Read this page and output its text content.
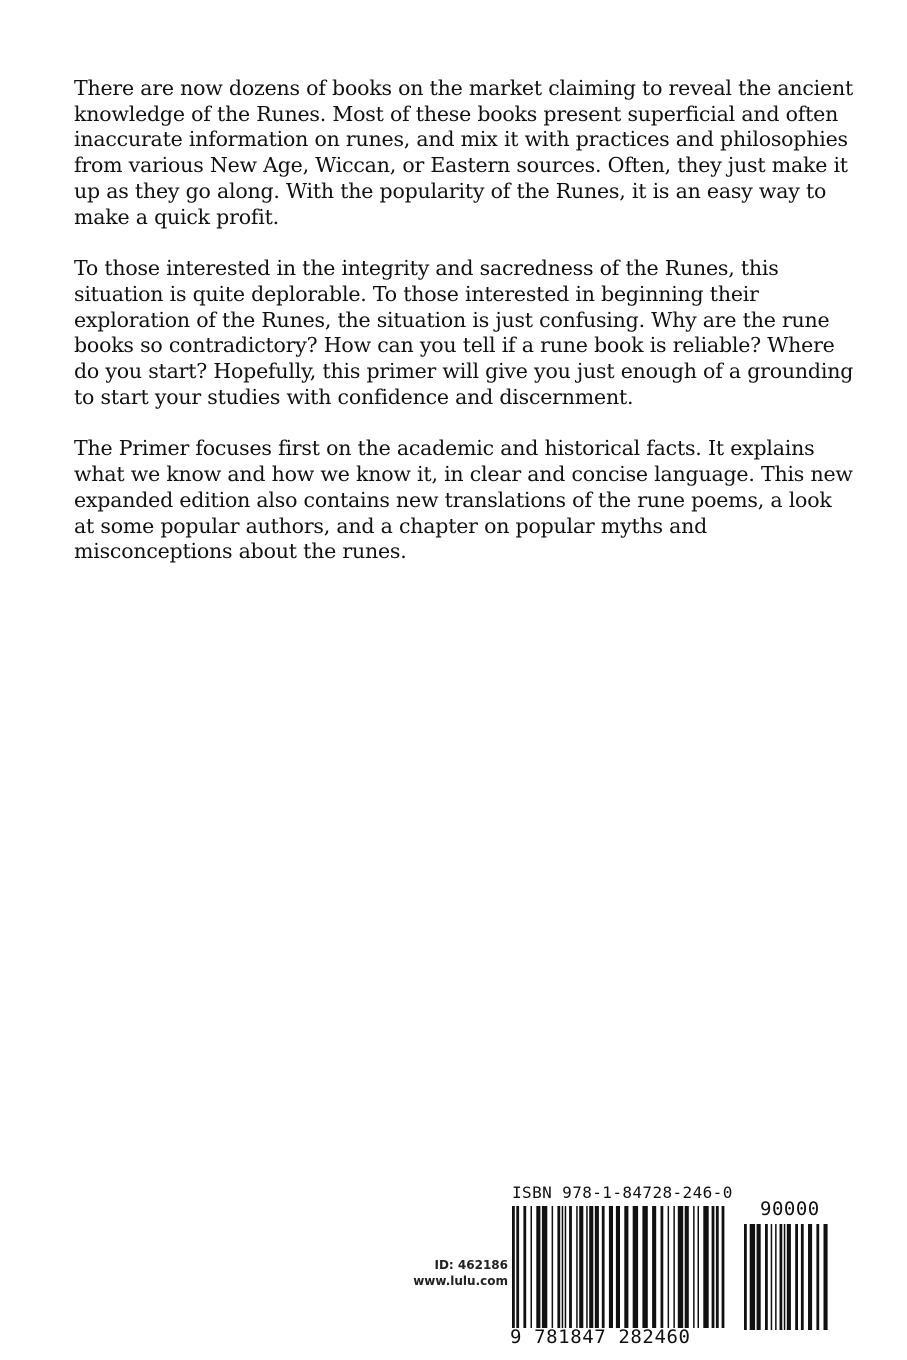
There are now dozens of books on the market claiming to reveal the ancient knowledge of the Runes. Most of these books present superficial and often inaccurate information on runes, and mix it with practices and philosophies from various New Age, Wiccan, or Eastern sources. Often, they just make it up as they go along. With the popularity of the Runes, it is an easy way to make a quick profit.

To those interested in the integrity and sacredness of the Runes, this situation is quite deplorable. To those interested in beginning their exploration of the Runes, the situation is just confusing. Why are the rune books so contradictory? How can you tell if a rune book is reliable? Where do you start? Hopefully, this primer will give you just enough of a grounding to start your studies with confidence and discernment.

The Primer focuses first on the academic and historical facts. It explains what we know and how we know it, in clear and concise language. This new expanded edition also contains new translations of the rune poems, a look at some popular authors, and a chapter on popular myths and misconceptions about the runes.

ID: 462186
www.lulu.com
ISBN 978-1-84728-246-0
90000
9 781847 282460
